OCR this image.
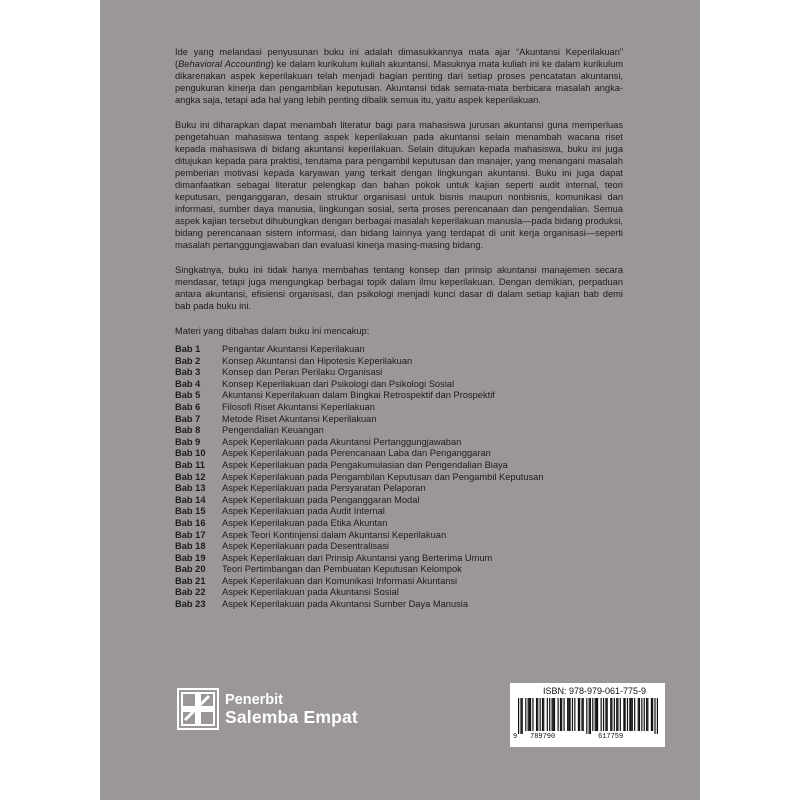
Ide yang melandasi penyusunan buku ini adalah dimasukkannya mata ajar “Akuntansi Keperilakuan” (Behavioral Accounting) ke dalam kurikulum kuliah akuntansi. Masuknya mata kuliah ini ke dalam kurikulum dikarenakan aspek keperilakuan telah menjadi bagian penting dari setiap proses pencatatan akuntansi, pengukuran kinerja dan pengambilan keputusan. Akuntansi tidak semata-mata berbicara masalah angka-angka saja, tetapi ada hal yang lebih penting dibalik semua itu, yaitu aspek keperilakuan.

Buku ini diharapkan dapat menambah literatur bagi para mahasiswa jurusan akuntansi guna memperluas pengetahuan mahasiswa tentang aspek keperilakuan pada akuntansi selain menambah wacana riset kepada mahasiswa di bidang akuntansi keperilakuan. Selain ditujukan kepada mahasiswa, buku ini juga ditujukan kepada para praktisi, terutama para pengambil keputusan dan manajer, yang menangani masalah pemberian motivasi kepada karyawan yang terkait dengan lingkungan akuntansi. Buku ini juga dapat dimanfaatkan sebagai literatur pelengkap dan bahan pokok untuk kajian seperti audit internal, teori keputusan, penganggaran, desain struktur organisasi untuk bisnis maupun nonbisnis, komunikasi dan informasi, sumber daya manusia, lingkungan sosial, serta proses perencanaan dan pengendalian. Semua aspek kajian tersebut dihubungkan dengan berbagai masalah keperilakuan manusia—pada bidang produksi, bidang perencanaan sistem informasi, dan bidang lainnya yang terdapat di unit kerja organisasi—seperti masalah pertanggungjawaban dan evaluasi kinerja masing-masing bidang.

Singkatnya, buku ini tidak hanya membahas tentang konsep dan prinsip akuntansi manajemen secara mendasar, tetapi juga mengungkap berbagai topik dalam ilmu keperilakuan. Dengan demikian, perpaduan antara akuntansi, efisiensi organisasi, dan psikologi menjadi kunci dasar di dalam setiap kajian bab demi bab pada buku ini.

Materi yang dibahas dalam buku ini mencakup:

Bab 1	Pengantar Akuntansi Keperilakuan
Bab 2	Konsep Akuntansi dan Hipotesis Keperilakuan
Bab 3	Konsep dan Peran Perilaku Organisasi
Bab 4	Konsep Keperilakuan dari Psikologi dan Psikologi Sosial
Bab 5	Akuntansi Keperilakuan dalam Bingkai Retrospektif dan Prospektif
Bab 6	Filosofi Riset Akuntansi Keperilakuan
Bab 7	Metode Riset Akuntansi Keperilakuan
Bab 8	Pengendalian Keuangan
Bab 9	Aspek Keperilakuan pada Akuntansi Pertanggungjawaban
Bab 10	Aspek Keperilakuan pada Perencanaan Laba dan Penganggaran
Bab 11	Aspek Keperilakuan pada Pengakumulasian dan Pengendalian Biaya
Bab 12	Aspek Keperilakuan pada Pengambilan Keputusan dan Pengambil Keputusan
Bab 13	Aspek Keperilakuan pada Persyaratan Pelaporan
Bab 14	Aspek Keperilakuan pada Penganggaran Modal
Bab 15	Aspek Keperilakuan pada Audit Internal
Bab 16	Aspek Keperilakuan pada Etika Akuntan
Bab 17	Aspek Teori Kontinjensi dalam Akuntansi Keperilakuan
Bab 18	Aspek Keperilakuan pada Desentralisasi
Bab 19	Aspek Keperilakuan dari Prinsip Akuntansi yang Berterima Umum
Bab 20	Teori Pertimbangan dan Pembuatan Keputusan Kelompok
Bab 21	Aspek Keperilakuan dari Komunikasi Informasi Akuntansi
Bab 22	Aspek Keperilakuan pada Akuntansi Sosial
Bab 23	Aspek Keperilakuan pada Akuntansi Sumber Daya Manusia
Penerbit
Salemba Empat
ISBN: 978-979-061-775-9
9 789790	617759
